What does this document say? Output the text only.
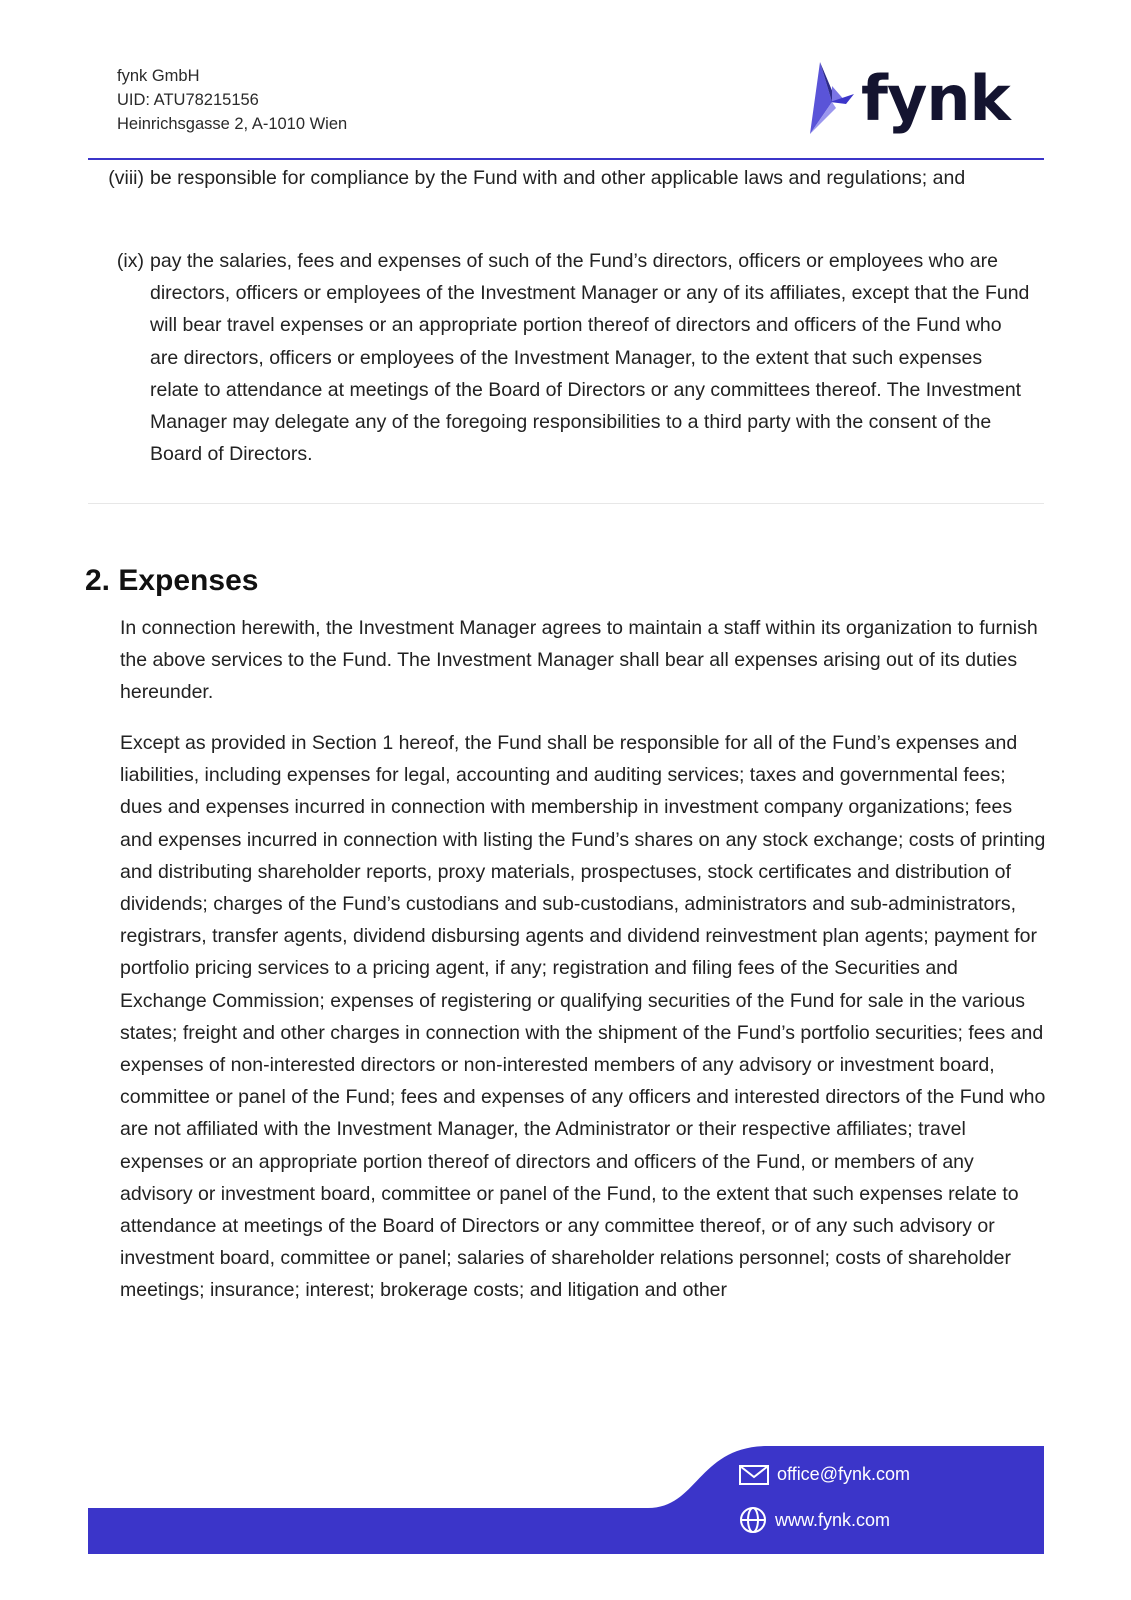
fynk GmbH
UID: ATU78215156
Heinrichsgasse 2, A-1010 Wien	fynk
(viii) be responsible for compliance by the Fund with and other applicable laws and regulations; and
(ix) pay the salaries, fees and expenses of such of the Fund’s directors, officers or employees who are directors, officers or employees of the Investment Manager or any of its affiliates, except that the Fund will bear travel expenses or an appropriate portion thereof of directors and officers of the Fund who are directors, officers or employees of the Investment Manager, to the extent that such expenses relate to attendance at meetings of the Board of Directors or any committees thereof. The Investment Manager may delegate any of the foregoing responsibilities to a third party with the consent of the Board of Directors.
2. Expenses
In connection herewith, the Investment Manager agrees to maintain a staff within its organization to furnish the above services to the Fund. The Investment Manager shall bear all expenses arising out of its duties hereunder.
Except as provided in Section 1 hereof, the Fund shall be responsible for all of the Fund’s expenses and liabilities, including expenses for legal, accounting and auditing services; taxes and governmental fees; dues and expenses incurred in connection with membership in investment company organizations; fees and expenses incurred in connection with listing the Fund’s shares on any stock exchange; costs of printing and distributing shareholder reports, proxy materials, prospectuses, stock certificates and distribution of dividends; charges of the Fund’s custodians and sub-custodians, administrators and sub-administrators, registrars, transfer agents, dividend disbursing agents and dividend reinvestment plan agents; payment for portfolio pricing services to a pricing agent, if any; registration and filing fees of the Securities and Exchange Commission; expenses of registering or qualifying securities of the Fund for sale in the various states; freight and other charges in connection with the shipment of the Fund’s portfolio securities; fees and expenses of non-interested directors or non-interested members of any advisory or investment board, committee or panel of the Fund; fees and expenses of any officers and interested directors of the Fund who are not affiliated with the Investment Manager, the Administrator or their respective affiliates; travel expenses or an appropriate portion thereof of directors and officers of the Fund, or members of any advisory or investment board, committee or panel of the Fund, to the extent that such expenses relate to attendance at meetings of the Board of Directors or any committee thereof, or of any such advisory or investment board, committee or panel; salaries of shareholder relations personnel; costs of shareholder meetings; insurance; interest; brokerage costs; and litigation and other
office@fynk.com
www.fynk.com
